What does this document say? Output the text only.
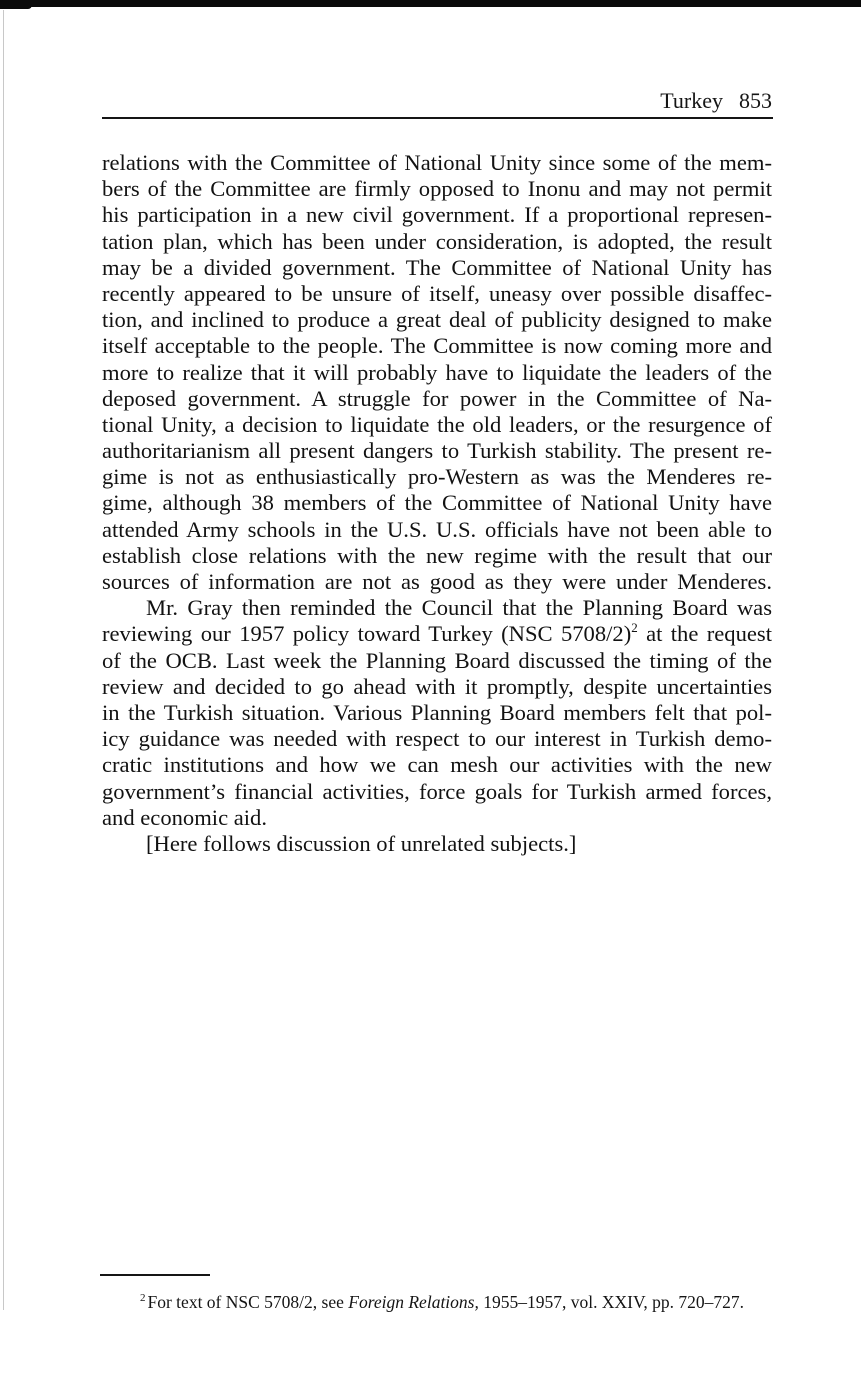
Turkey 853
relations with the Committee of National Unity since some of the mem-
bers of the Committee are firmly opposed to Inonu and may not permit
his participation in a new civil government. If a proportional represen-
tation plan, which has been under consideration, is adopted, the result
may be a divided government. The Committee of National Unity has
recently appeared to be unsure of itself, uneasy over possible disaffec-
tion, and inclined to produce a great deal of publicity designed to make
itself acceptable to the people. The Committee is now coming more and
more to realize that it will probably have to liquidate the leaders of the
deposed government. A struggle for power in the Committee of Na-
tional Unity, a decision to liquidate the old leaders, or the resurgence of
authoritarianism all present dangers to Turkish stability. The present re-
gime is not as enthusiastically pro-Western as was the Menderes re-
gime, although 38 members of the Committee of National Unity have
attended Army schools in the U.S. U.S. officials have not been able to
establish close relations with the new regime with the result that our
sources of information are not as good as they were under Menderes.
Mr. Gray then reminded the Council that the Planning Board was
reviewing our 1957 policy toward Turkey (NSC 5708/2)$^2$ at the request
of the OCB. Last week the Planning Board discussed the timing of the
review and decided to go ahead with it promptly, despite uncertainties
in the Turkish situation. Various Planning Board members felt that pol-
icy guidance was needed with respect to our interest in Turkish demo-
cratic institutions and how we can mesh our activities with the new
government’s financial activities, force goals for Turkish armed forces,
and economic aid.
[Here follows discussion of unrelated subjects.]
$^2$ For text of NSC 5708/2, see Foreign Relations, 1955–1957, vol. XXIV, pp. 720–727.
